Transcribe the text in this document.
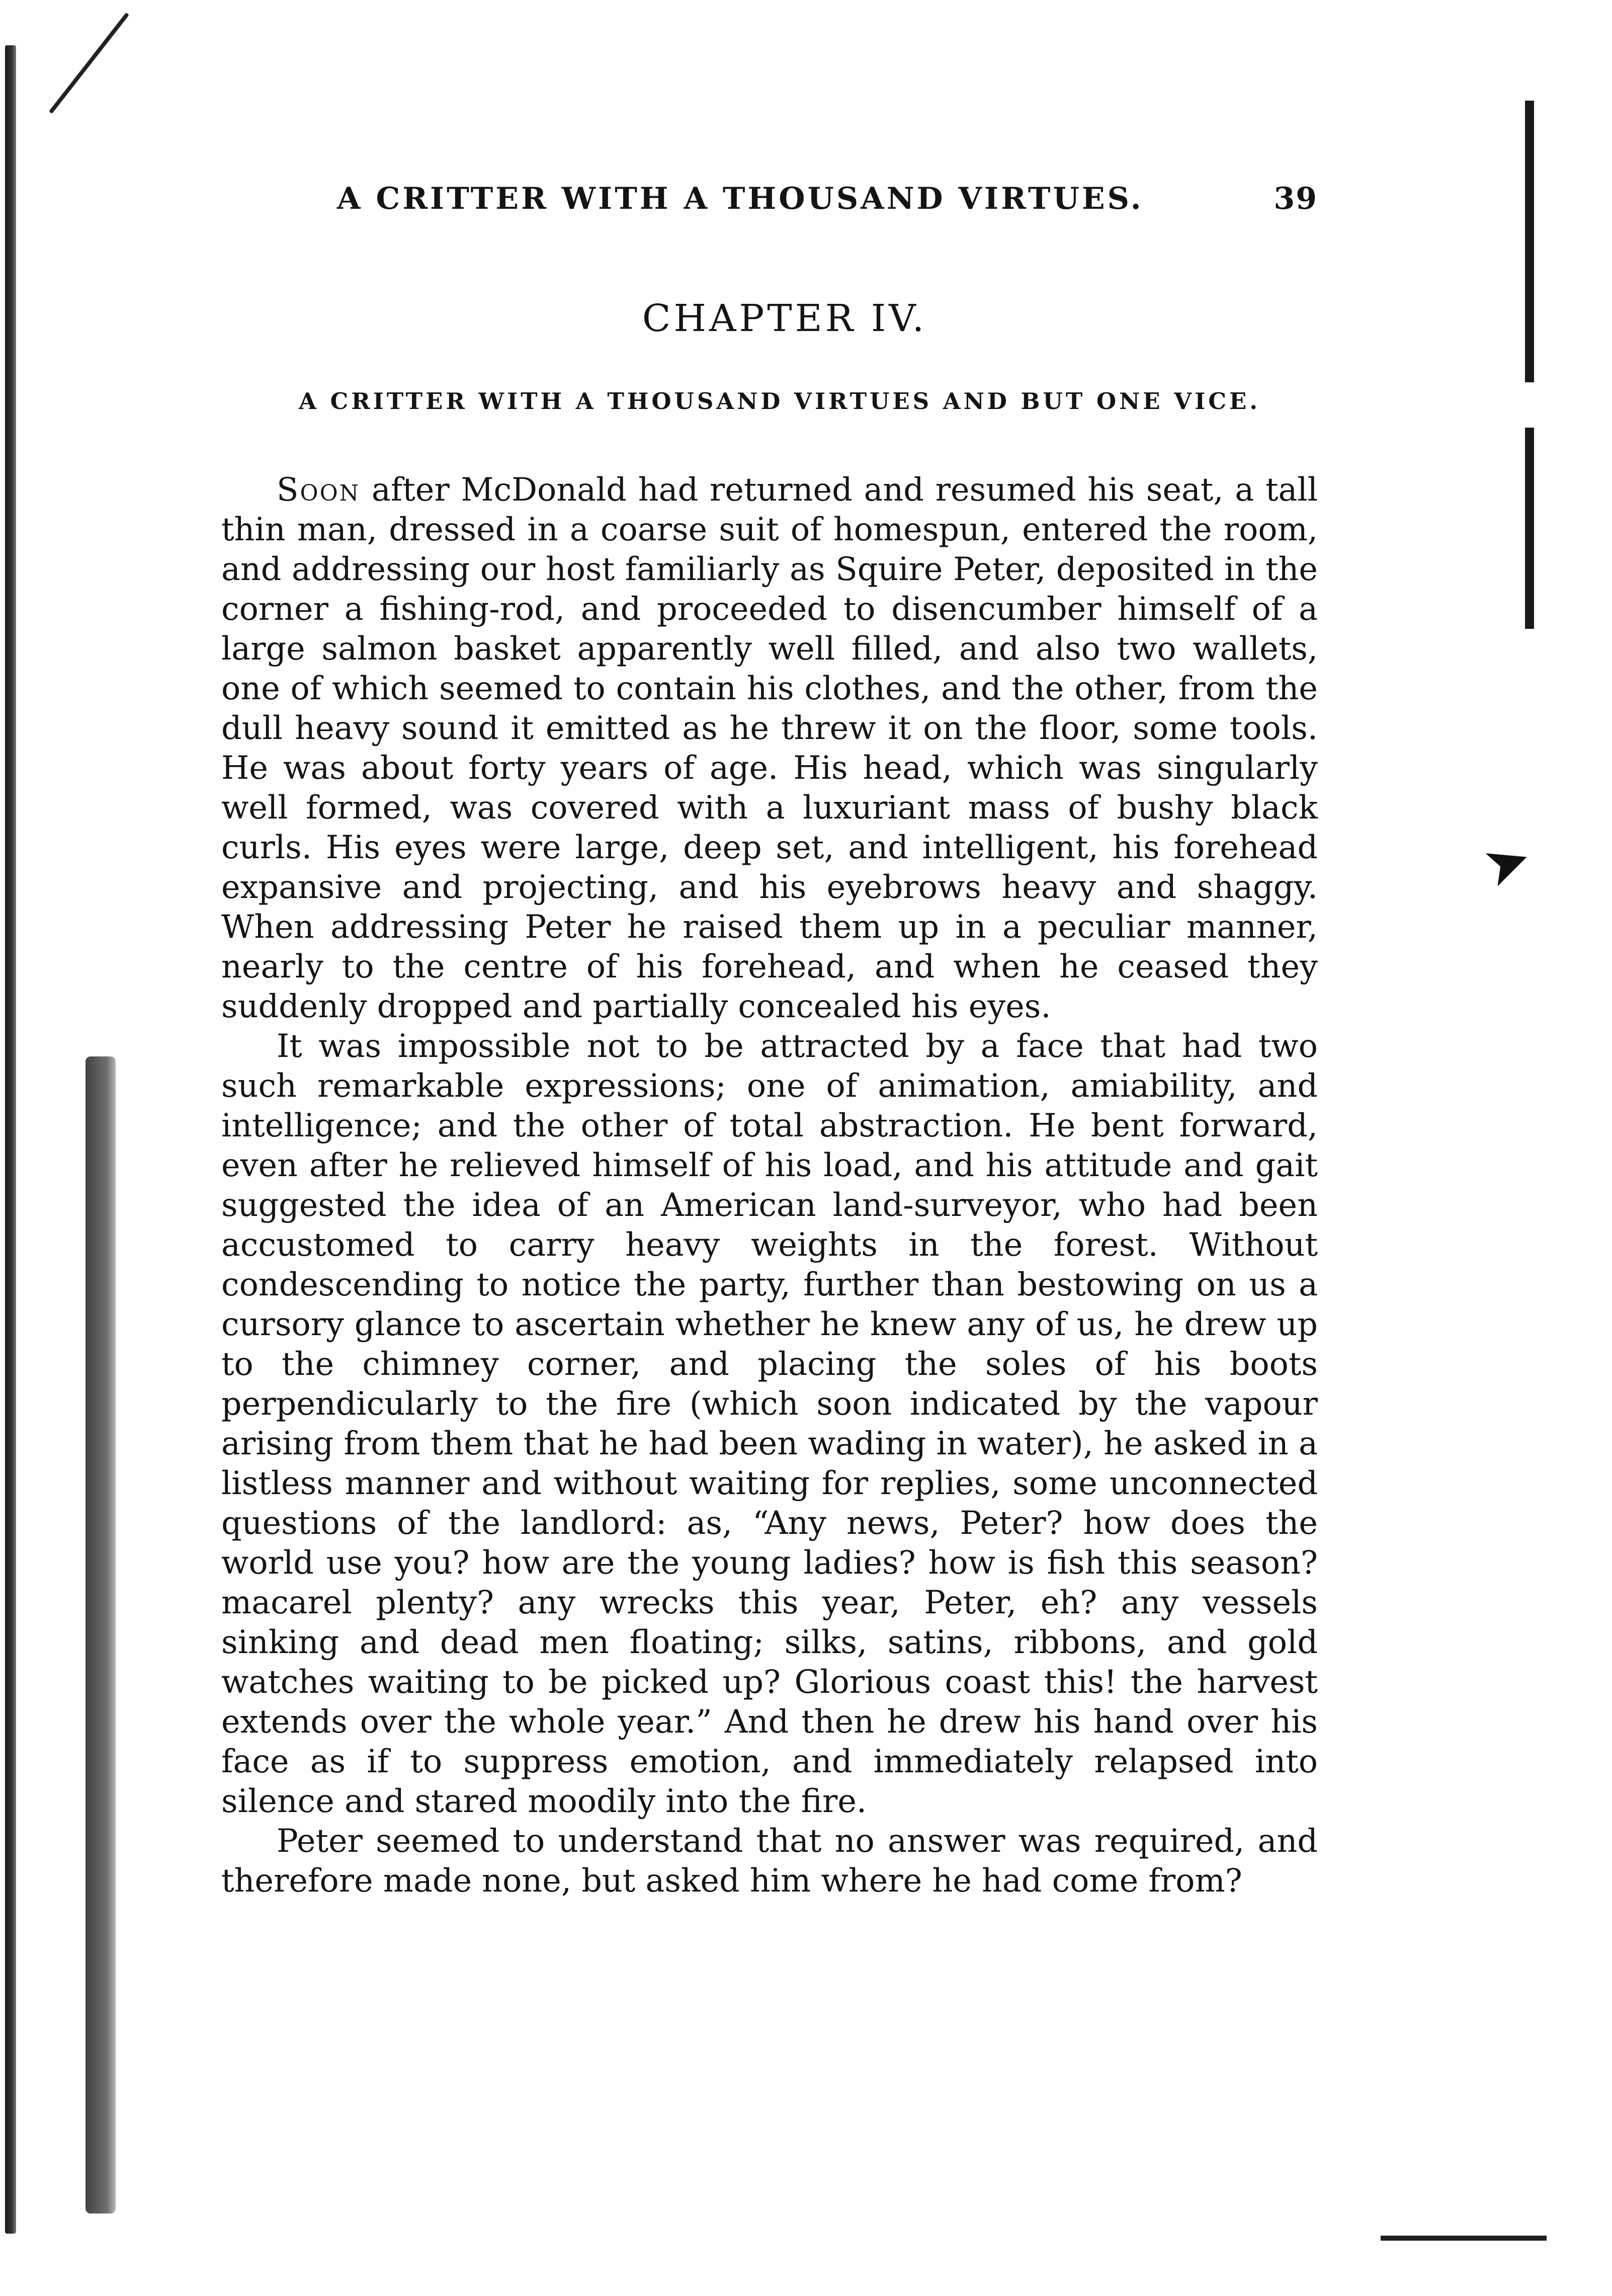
➤
A CRITTER WITH A THOUSAND VIRTUES.	39
CHAPTER IV.
A CRITTER WITH A THOUSAND VIRTUES AND BUT ONE VICE.

Soon after McDonald had returned and resumed his seat, a tall thin man, dressed in a coarse suit of homespun, entered the room, and addressing our host familiarly as Squire Peter, deposited in the corner a fishing-rod, and proceeded to disencumber himself of a large salmon basket apparently well filled, and also two wallets, one of which seemed to contain his clothes, and the other, from the dull heavy sound it emitted as he threw it on the floor, some tools. He was about forty years of age. His head, which was singularly well formed, was covered with a luxuriant mass of bushy black curls. His eyes were large, deep set, and intelligent, his forehead expansive and projecting, and his eyebrows heavy and shaggy. When addressing Peter he raised them up in a peculiar manner, nearly to the centre of his forehead, and when he ceased they suddenly dropped and partially concealed his eyes.

It was impossible not to be attracted by a face that had two such remarkable expressions; one of animation, amiability, and intelligence; and the other of total abstraction. He bent forward, even after he relieved himself of his load, and his attitude and gait suggested the idea of an American land-surveyor, who had been accustomed to carry heavy weights in the forest. Without condescending to notice the party, further than bestowing on us a cursory glance to ascertain whether he knew any of us, he drew up to the chimney corner, and placing the soles of his boots perpendicularly to the fire (which soon indicated by the vapour arising from them that he had been wading in water), he asked in a listless manner and without waiting for replies, some unconnected questions of the landlord: as, “Any news, Peter? how does the world use you? how are the young ladies? how is fish this season? macarel plenty? any wrecks this year, Peter, eh? any vessels sinking and dead men floating; silks, satins, ribbons, and gold watches waiting to be picked up? Glorious coast this! the harvest extends over the whole year.” And then he drew his hand over his face as if to suppress emotion, and immediately relapsed into silence and stared moodily into the fire.

Peter seemed to understand that no answer was required, and therefore made none, but asked him where he had come from?
